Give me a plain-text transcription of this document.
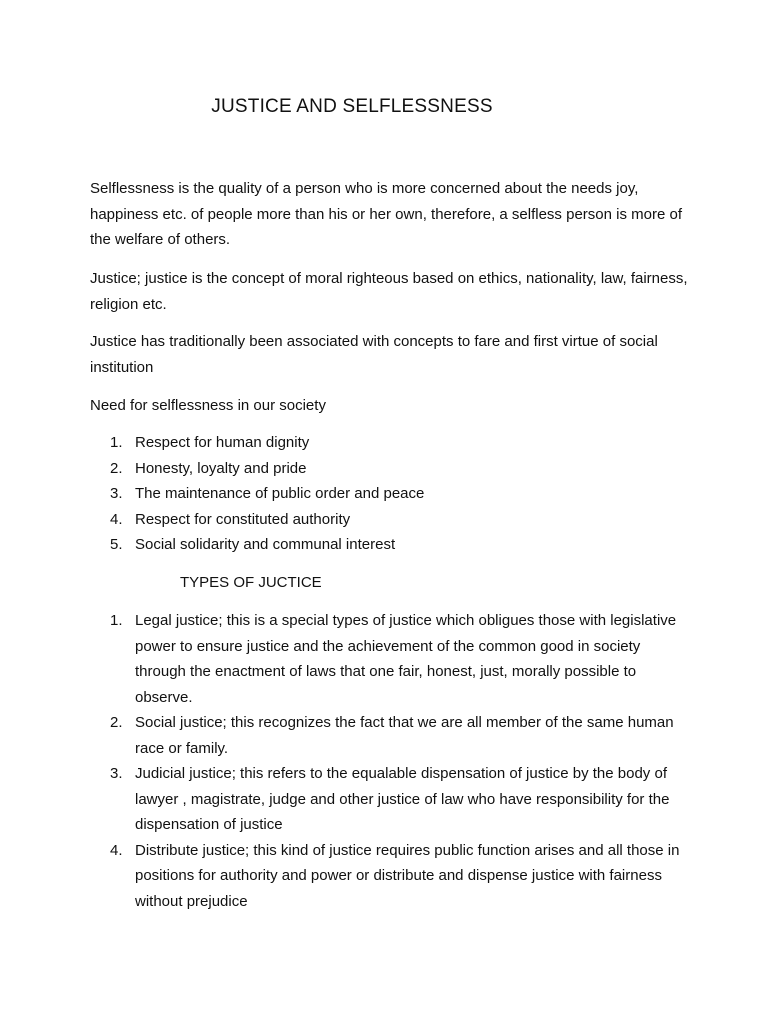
JUSTICE AND SELFLESSNESS

Selflessness is the quality of a person who is more concerned about the needs joy, happiness etc. of people more than his or her own, therefore, a selfless person is more of the welfare of others.

Justice; justice is the concept of moral righteous based on ethics, nationality, law, fairness, religion etc.

Justice has traditionally been associated with concepts to fare and first virtue of social institution

Need for selflessness in our society

1. Respect for human dignity
2. Honesty, loyalty and pride
3. The maintenance of public order and peace
4. Respect for constituted authority
5. Social solidarity and communal interest

TYPES OF JUCTICE

1. Legal justice; this is a special types of justice which obligues those with legislative power to ensure justice and the achievement of the common good in society through the enactment of laws that one fair, honest, just, morally possible to observe.
2. Social justice; this recognizes the fact that we are all member of the same human race or family.
3. Judicial justice; this refers to the equalable dispensation of justice by the body of lawyer , magistrate, judge and other justice of law who have responsibility for the dispensation of justice
4. Distribute justice; this kind of justice requires public function arises and all those in positions for authority and power or distribute and dispense justice with fairness without prejudice
